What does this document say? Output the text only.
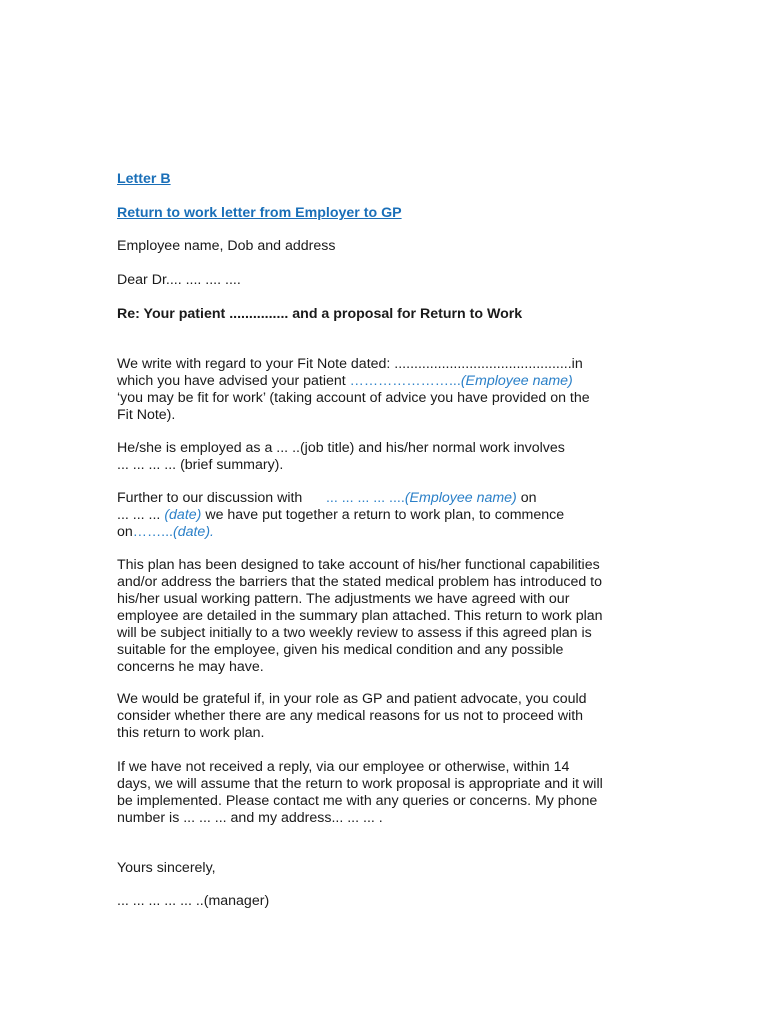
Letter B
Return to work letter from Employer to GP
Employee name, Dob and address
Dear Dr.... .... .... ....
Re: Your patient ............... and a proposal for Return to Work
We write with regard to your Fit Note dated: .............................................in
which you have advised your patient …………………...(Employee name)
‘you may be fit for work’ (taking account of advice you have provided on the
Fit Note).
He/she is employed as a ... ..(job title) and his/her normal work involves
... ... ... ... (brief summary).
Further to our discussion with      ... ... ... ... ....(Employee name) on
... ... ... (date) we have put together a return to work plan, to commence
on……...(date).
This plan has been designed to take account of his/her functional capabilities
and/or address the barriers that the stated medical problem has introduced to
his/her usual working pattern. The adjustments we have agreed with our
employee are detailed in the summary plan attached. This return to work plan
will be subject initially to a two weekly review to assess if this agreed plan is
suitable for the employee, given his medical condition and any possible
concerns he may have.
We would be grateful if, in your role as GP and patient advocate, you could
consider whether there are any medical reasons for us not to proceed with
this return to work plan.
If we have not received a reply, via our employee or otherwise, within 14
days, we will assume that the return to work proposal is appropriate and it will
be implemented. Please contact me with any queries or concerns. My phone
number is ... ... ... and my address... ... ... .
Yours sincerely,
... ... ... ... ... ..(manager)
